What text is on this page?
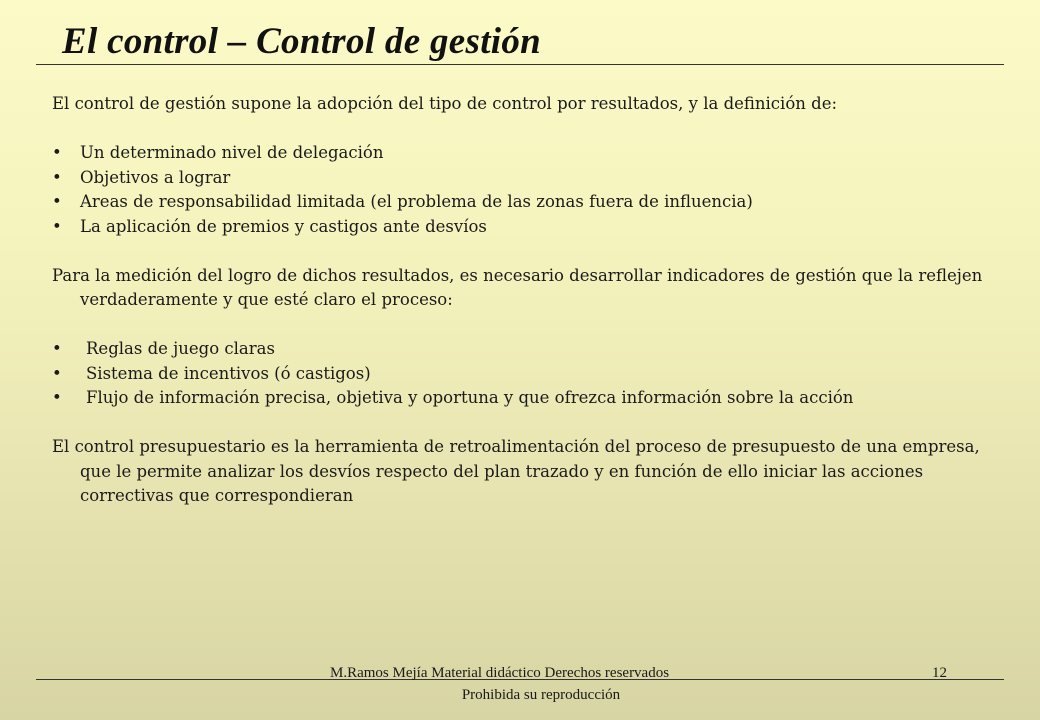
El control – Control de gestión

El control de gestión supone la adopción del tipo de control por resultados, y la definición de:

• Un determinado nivel de delegación
• Objetivos a lograr
• Areas de responsabilidad limitada (el problema de las zonas fuera de influencia)
• La aplicación de premios y castigos ante desvíos

Para la medición del logro de dichos resultados, es necesario desarrollar indicadores de gestión que la reflejen verdaderamente y que esté claro el proceso:

• Reglas de juego claras
• Sistema de incentivos (ó castigos)
• Flujo de información precisa, objetiva y oportuna y que ofrezca información sobre la acción

El control presupuestario es la herramienta de retroalimentación del proceso de presupuesto de una empresa, que le permite analizar los desvíos respecto del plan trazado y en función de ello iniciar las acciones correctivas que correspondieran

M.Ramos Mejía Material didáctico Derechos reservados	12
Prohibida su reproducción
